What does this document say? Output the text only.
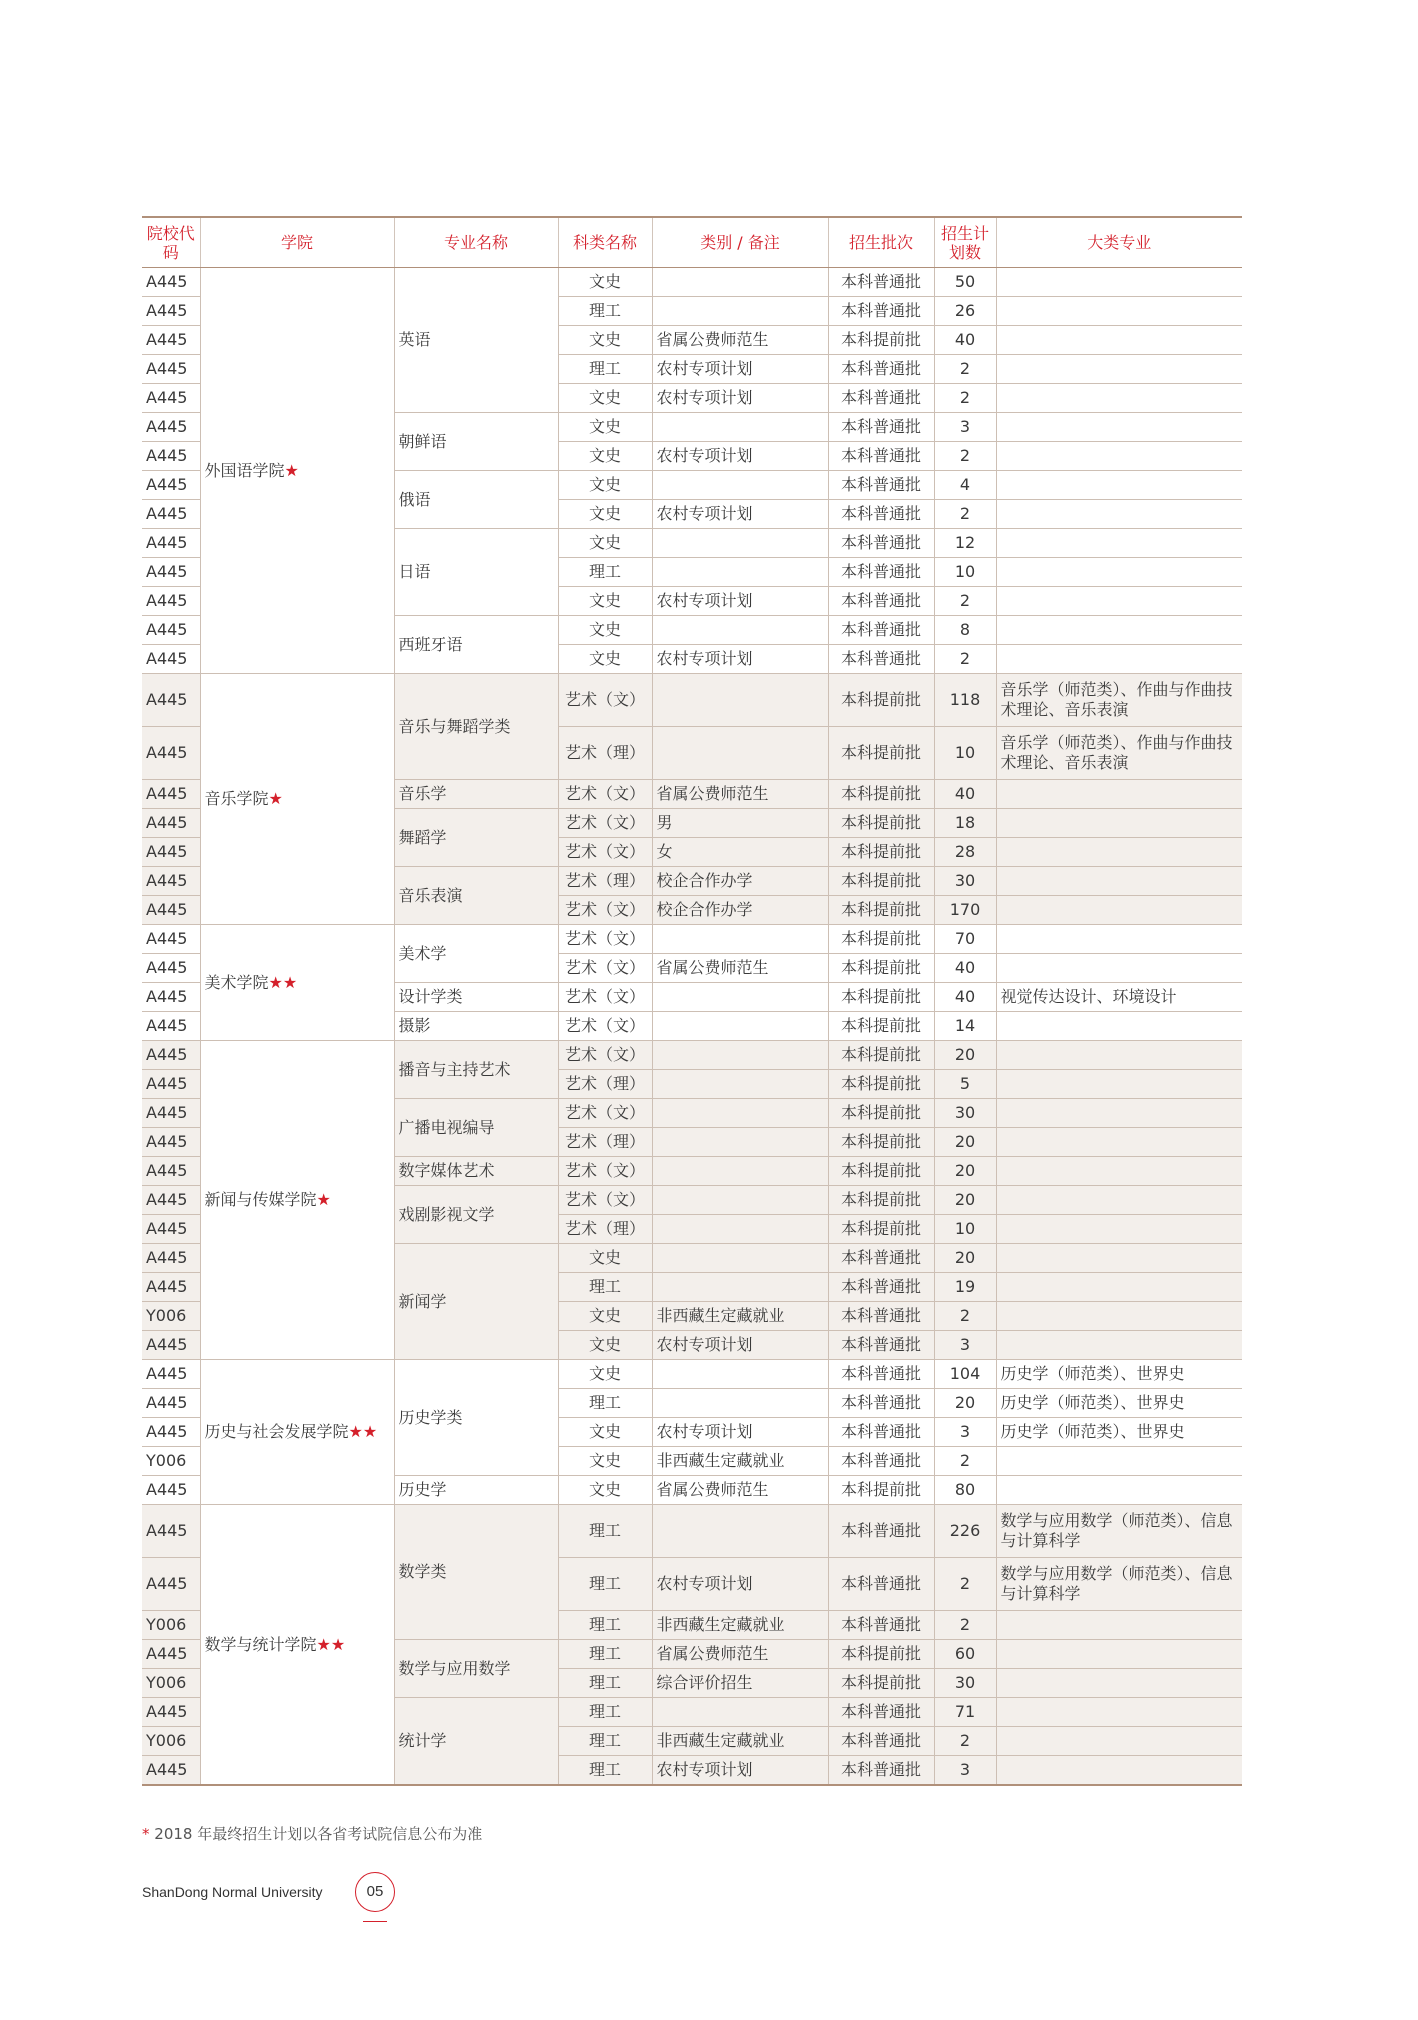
院校代码	学院	专业名称	科类名称	类别 / 备注	招生批次	招生计划数	大类专业
A445	外国语学院★	英语	文史		本科普通批	50	
A445			理工		本科普通批	26	
A445			文史	省属公费师范生	本科提前批	40	
A445			理工	农村专项计划	本科普通批	2	
A445			文史	农村专项计划	本科普通批	2	
A445		朝鲜语	文史		本科普通批	3	
A445			文史	农村专项计划	本科普通批	2	
A445		俄语	文史		本科普通批	4	
A445			文史	农村专项计划	本科普通批	2	
A445		日语	文史		本科普通批	12	
A445			理工		本科普通批	10	
A445			文史	农村专项计划	本科普通批	2	
A445		西班牙语	文史		本科普通批	8	
A445			文史	农村专项计划	本科普通批	2	
A445	音乐学院★	音乐与舞蹈学类	艺术（文）		本科提前批	118	音乐学（师范类）、作曲与作曲技术理论、音乐表演
A445			艺术（理）		本科提前批	10	音乐学（师范类）、作曲与作曲技术理论、音乐表演
A445		音乐学	艺术（文）	省属公费师范生	本科提前批	40	
A445		舞蹈学	艺术（文）	男	本科提前批	18	
A445			艺术（文）	女	本科提前批	28	
A445		音乐表演	艺术（理）	校企合作办学	本科提前批	30	
A445			艺术（文）	校企合作办学	本科提前批	170	
A445	美术学院★★	美术学	艺术（文）		本科提前批	70	
A445			艺术（文）	省属公费师范生	本科提前批	40	
A445		设计学类	艺术（文）		本科提前批	40	视觉传达设计、环境设计
A445		摄影	艺术（文）		本科提前批	14	
A445	新闻与传媒学院★	播音与主持艺术	艺术（文）		本科提前批	20	
A445			艺术（理）		本科提前批	5	
A445		广播电视编导	艺术（文）		本科提前批	30	
A445			艺术（理）		本科提前批	20	
A445		数字媒体艺术	艺术（文）		本科提前批	20	
A445		戏剧影视文学	艺术（文）		本科提前批	20	
A445			艺术（理）		本科提前批	10	
A445		新闻学	文史		本科普通批	20	
A445			理工		本科普通批	19	
Y006			文史	非西藏生定藏就业	本科普通批	2	
A445			文史	农村专项计划	本科普通批	3	
A445	历史与社会发展学院★★	历史学类	文史		本科普通批	104	历史学（师范类）、世界史
A445			理工		本科普通批	20	历史学（师范类）、世界史
A445			文史	农村专项计划	本科普通批	3	历史学（师范类）、世界史
Y006			文史	非西藏生定藏就业	本科普通批	2	
A445		历史学	文史	省属公费师范生	本科提前批	80	
A445	数学与统计学院★★	数学类	理工		本科普通批	226	数学与应用数学（师范类）、信息与计算科学
A445			理工	农村专项计划	本科普通批	2	数学与应用数学（师范类）、信息与计算科学
Y006			理工	非西藏生定藏就业	本科普通批	2	
A445		数学与应用数学	理工	省属公费师范生	本科提前批	60	
Y006			理工	综合评价招生	本科提前批	30	
A445		统计学	理工		本科普通批	71	
Y006			理工	非西藏生定藏就业	本科普通批	2	
A445			理工	农村专项计划	本科普通批	3	
* 2018 年最终招生计划以各省考试院信息公布为准
ShanDong Normal University	05
